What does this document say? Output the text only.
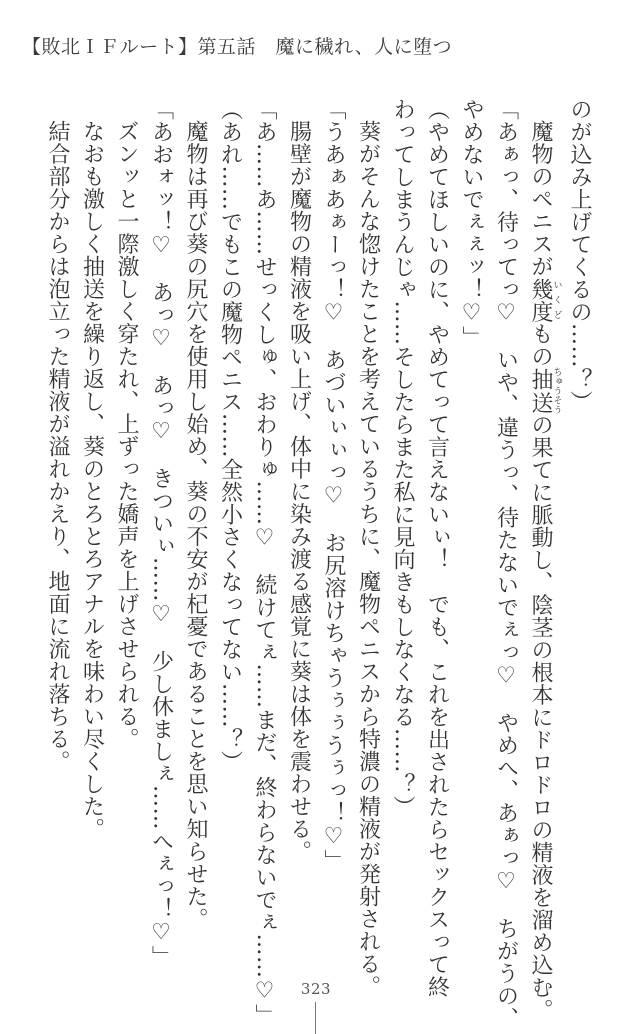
【敗北ＩＦルート】第五話　魔に穢れ、人に堕つ
のが込み上げてくるの……？）
魔物のペニスが幾度いくどもの抽送ちゅうそうの果てに脈動し、陰茎の根本にドロドロの精液を溜め込む。
「あぁっ、待ってっ♡　いや、違うっ、待たないでぇっ♡　やめへ、あぁっ♡　ちがうの、
やめないでぇぇッ！♡」
（やめてほしいのに、やめてって言えないぃ！　でも、これを出されたらセックスって終
わってしまうんじゃ……そしたらまた私に見向きもしなくなる……？）
葵がそんな惚けたことを考えているうちに、魔物ペニスから特濃の精液が発射される。
「うあぁあぁーっ！♡　あづいぃぃっ♡　お尻溶けちゃうぅぅうぅっ！♡」
腸壁が魔物の精液を吸い上げ、体中に染み渡る感覚に葵は体を震わせる。
「あ……あ……せっくしゅ、おわりゅ……♡　続けてぇ……まだ、終わらないでぇ……♡」
（あれ……でもこの魔物ペニス……全然小さくなってない……？）
魔物は再び葵の尻穴を使用し始め、葵の不安が杞憂であることを思い知らせた。
「あおォッ！♡　あっ♡　あっ♡　きついぃ……♡　少し休ましぇ……へぇっ！♡」
ズンッと一際激しく穿たれ、上ずった嬌声を上げさせられる。
なおも激しく抽送を繰り返し、葵のとろとろアナルを味わい尽くした。
結合部分からは泡立った精液が溢れかえり、地面に流れ落ちる。
323
